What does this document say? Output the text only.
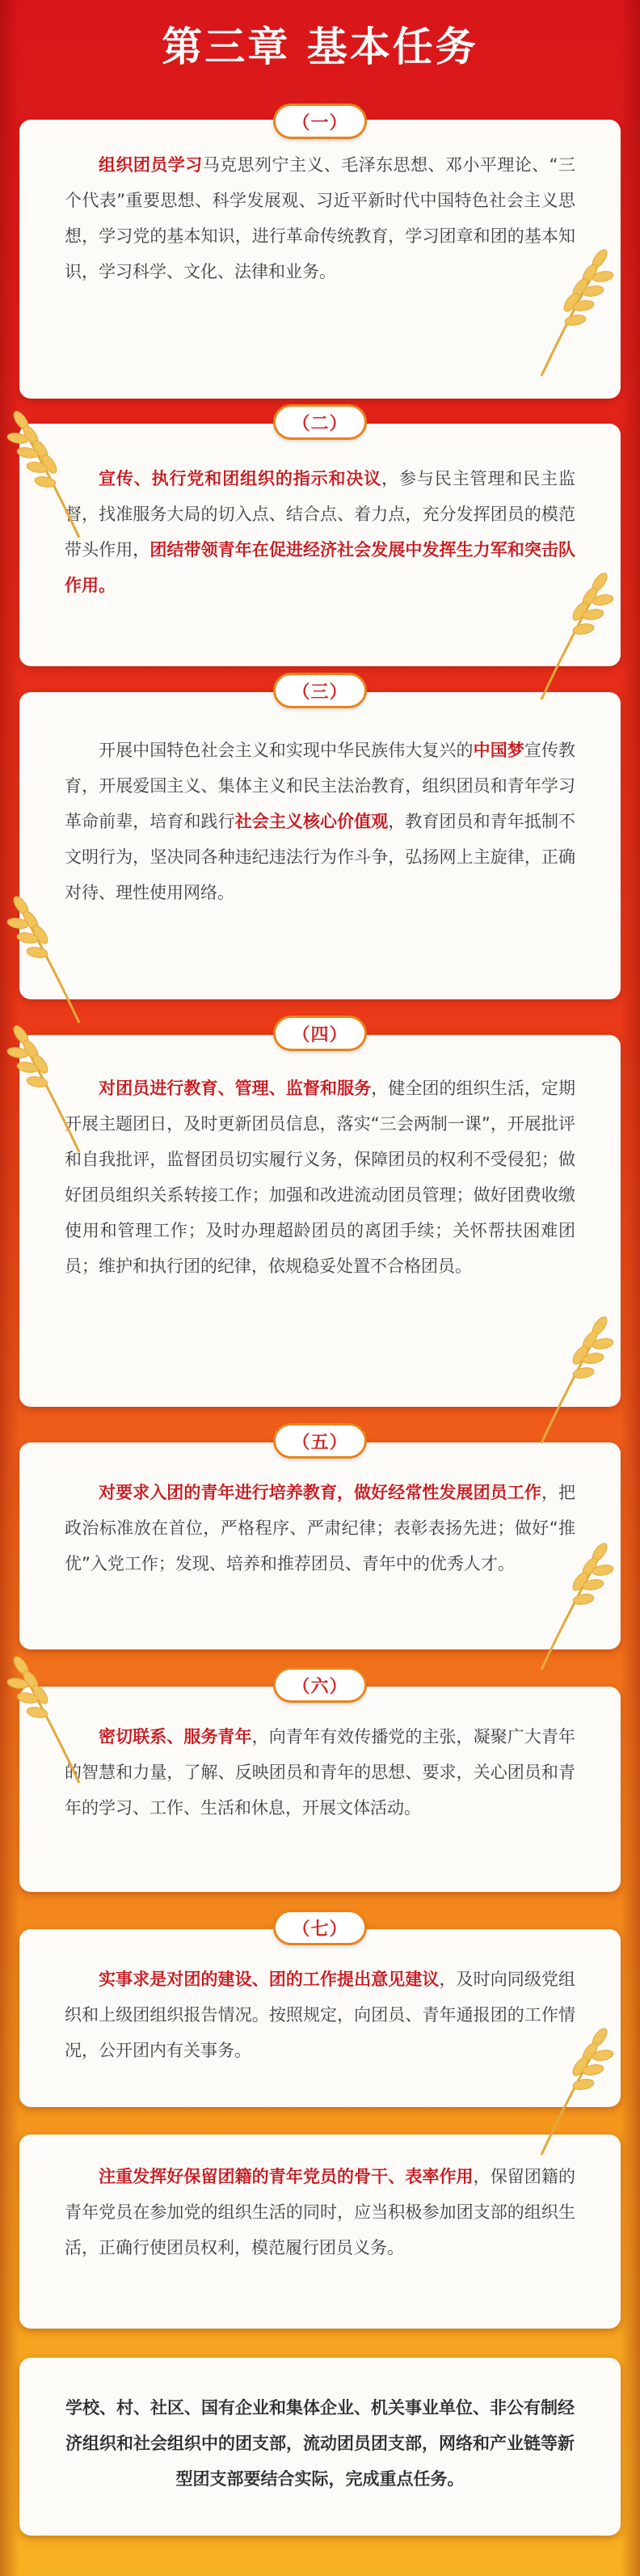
第三章 基本任务

组织团员学习马克思列宁主义、毛泽东思想、邓小平理论、“三个代表”重要思想、科学发展观、习近平新时代中国特色社会主义思想，学习党的基本知识，进行革命传统教育，学习团章和团的基本知识，学习科学、文化、法律和业务。

（一）

宣传、执行党和团组织的指示和决议，参与民主管理和民主监督，找准服务大局的切入点、结合点、着力点，充分发挥团员的模范带头作用，团结带领青年在促进经济社会发展中发挥生力军和突击队作用。

（二）

开展中国特色社会主义和实现中华民族伟大复兴的中国梦宣传教育，开展爱国主义、集体主义和民主法治教育，组织团员和青年学习革命前辈，培育和践行社会主义核心价值观，教育团员和青年抵制不文明行为，坚决同各种违纪违法行为作斗争，弘扬网上主旋律，正确对待、理性使用网络。

（三）

对团员进行教育、管理、监督和服务，健全团的组织生活，定期开展主题团日，及时更新团员信息，落实“三会两制一课”，开展批评和自我批评，监督团员切实履行义务，保障团员的权利不受侵犯；做好团员组织关系转接工作；加强和改进流动团员管理；做好团费收缴使用和管理工作；及时办理超龄团员的离团手续；关怀帮扶困难团员；维护和执行团的纪律，依规稳妥处置不合格团员。

（四）

对要求入团的青年进行培养教育，做好经常性发展团员工作，把政治标准放在首位，严格程序、严肃纪律；表彰表扬先进；做好“推优”入党工作；发现、培养和推荐团员、青年中的优秀人才。

（五）

密切联系、服务青年，向青年有效传播党的主张，凝聚广大青年的智慧和力量，了解、反映团员和青年的思想、要求，关心团员和青年的学习、工作、生活和休息，开展文体活动。

（六）

实事求是对团的建设、团的工作提出意见建议，及时向同级党组织和上级团组织报告情况。按照规定，向团员、青年通报团的工作情况，公开团内有关事务。

（七）

注重发挥好保留团籍的青年党员的骨干、表率作用，保留团籍的青年党员在参加党的组织生活的同时，应当积极参加团支部的组织生活，正确行使团员权利，模范履行团员义务。

学校、村、社区、国有企业和集体企业、机关事业单位、非公有制经济组织和社会组织中的团支部，流动团员团支部，网络和产业链等新型团支部要结合实际，完成重点任务。
